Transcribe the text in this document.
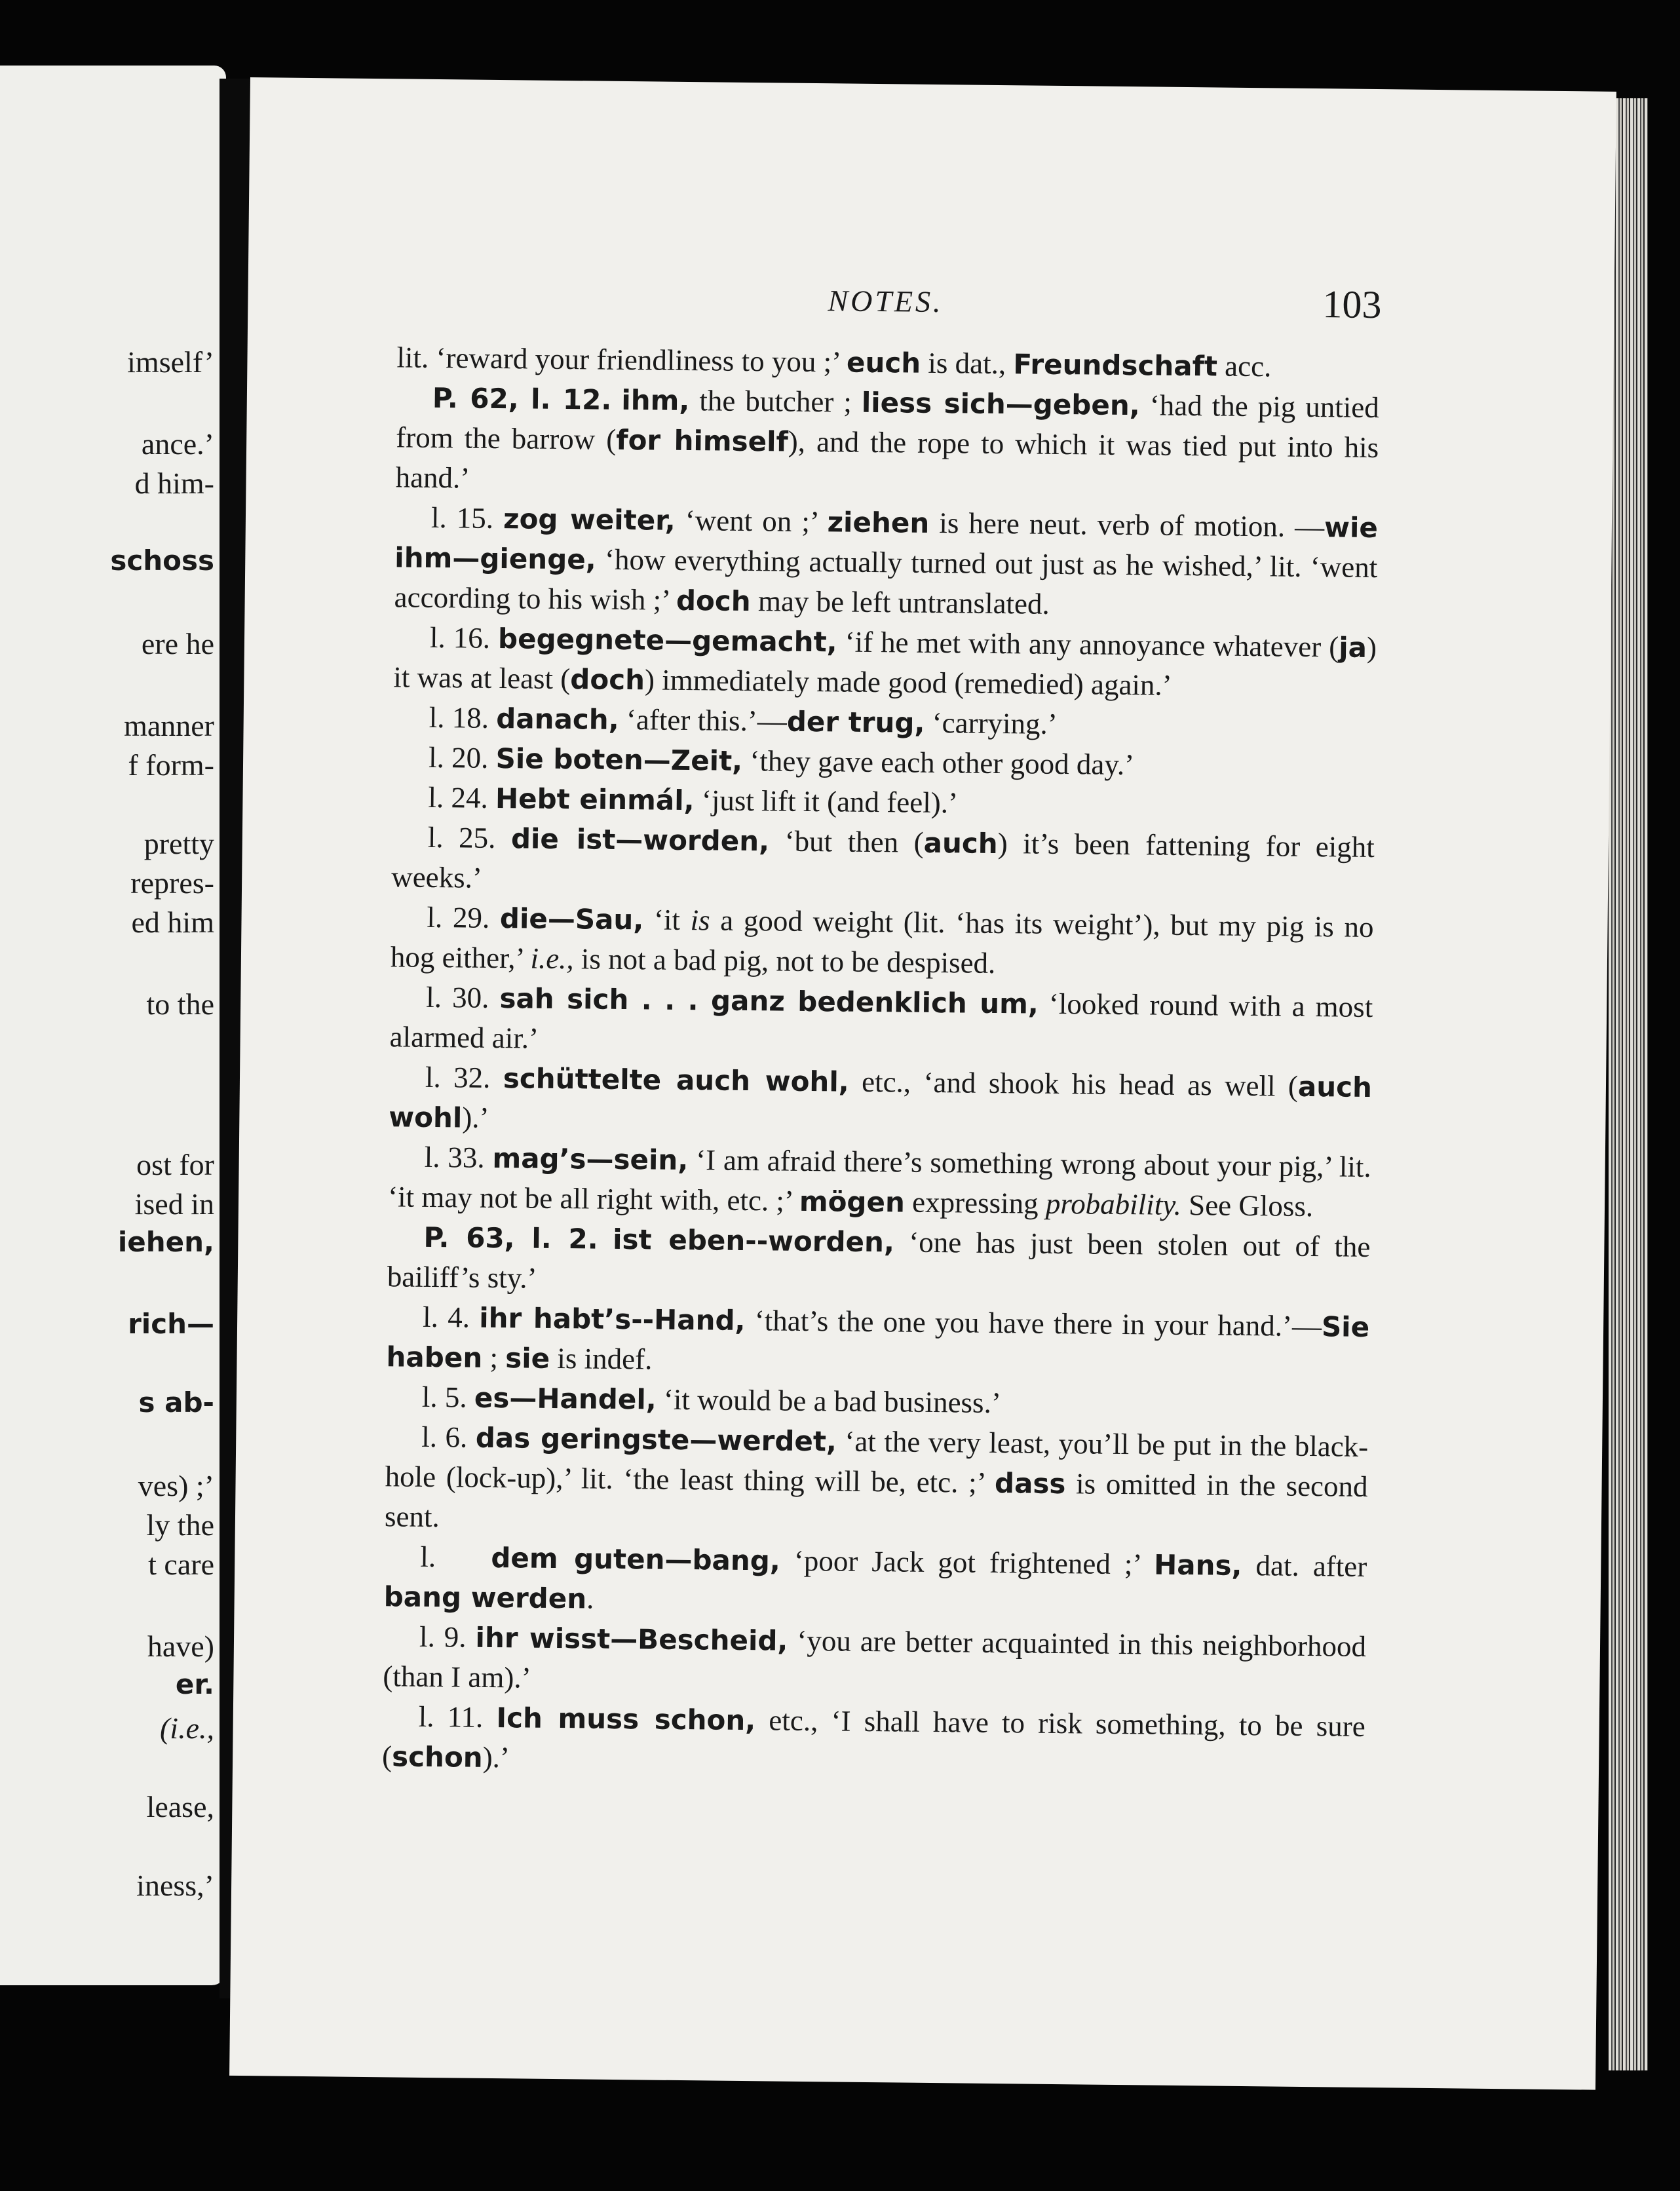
imself’
ance.’
d him-
schoss
ere he
manner
f form-
pretty
repres-
ed him
to the
ost for
ised in
iehen,
rich—
s ab-
ves) ;’
ly the
t care
have)
er.
(i.e.,
lease,
iness,’
NOTES.	103

lit. ‘reward your friendliness to you ;’ euch is dat., Freundschaft acc.

P. 62, l. 12. ihm, the butcher ; liess sich—geben, ‘had the pig untied from the barrow (for himself), and the rope to which it was tied put into his hand.’

l. 15. zog weiter, ‘went on ;’ ziehen is here neut. verb of motion. —wie ihm—gienge, ‘how everything actually turned out just as he wished,’ lit. ‘went according to his wish ;’ doch may be left untranslated.

l. 16. begegnete—gemacht, ‘if he met with any annoyance whatever (ja) it was at least (doch) immediately made good (remedied) again.’

l. 18. danach, ‘after this.’—der trug, ‘carrying.’

l. 20. Sie boten—Zeit, ‘they gave each other good day.’

l. 24. Hebt einmál, ‘just lift it (and feel).’

l. 25. die ist—worden, ‘but then (auch) it’s been fattening for eight weeks.’

l. 29. die—Sau, ‘it is a good weight (lit. ‘has its weight’), but my pig is no hog either,’ i.e., is not a bad pig, not to be despised.

l. 30. sah sich . . . ganz bedenklich um, ‘looked round with a most alarmed air.’

l. 32. schüttelte auch wohl, etc., ‘and shook his head as well (auch wohl).’

l. 33. mag’s—sein, ‘I am afraid there’s something wrong about your pig,’ lit. ‘it may not be all right with, etc. ;’ mögen expressing probability. See Gloss.

P. 63, l. 2. ist eben--worden, ‘one has just been stolen out of the bailiff’s sty.’

l. 4. ihr habt’s--Hand, ‘that’s the one you have there in your hand.’—Sie haben ; sie is indef.

l. 5. es—Handel, ‘it would be a bad business.’

l. 6. das geringste—werdet, ‘at the very least, you’ll be put in the black-hole (lock-up),’ lit. ‘the least thing will be, etc. ;’ dass is omitted in the second sent.

l. dem guten—bang, ‘poor Jack got frightened ;’ Hans, dat. after bang werden.

l. 9. ihr wisst—Bescheid, ‘you are better acquainted in this neighborhood (than I am).’

l. 11. Ich muss schon, etc., ‘I shall have to risk something, to be sure (schon).’
